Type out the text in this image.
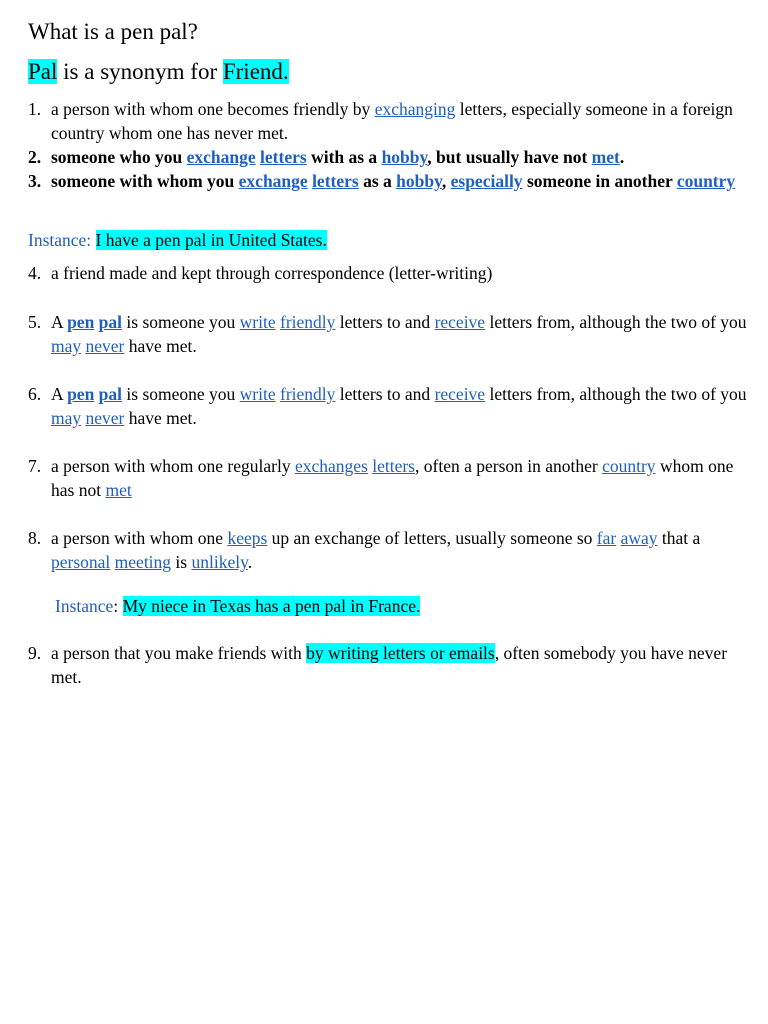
What is a pen pal?
Pal is a synonym for Friend.
1. a person with whom one becomes friendly by exchanging letters, especially someone in a foreign country whom one has never met.
2. someone who you exchange letters with as a hobby, but usually have not met.
3. someone with whom you exchange letters as a hobby, especially someone in another country
Instance: I have a pen pal in United States.
4. a friend made and kept through correspondence (letter-writing)
5. A pen pal is someone you write friendly letters to and receive letters from, although the two of you may never have met.
6. A pen pal is someone you write friendly letters to and receive letters from, although the two of you may never have met.
7. a person with whom one regularly exchanges letters, often a person in another country whom one has not met
8. a person with whom one keeps up an exchange of letters, usually someone so far away that a personal meeting is unlikely.
Instance: My niece in Texas has a pen pal in France.
9. a person that you make friends with by writing letters or emails, often somebody you have never met.
